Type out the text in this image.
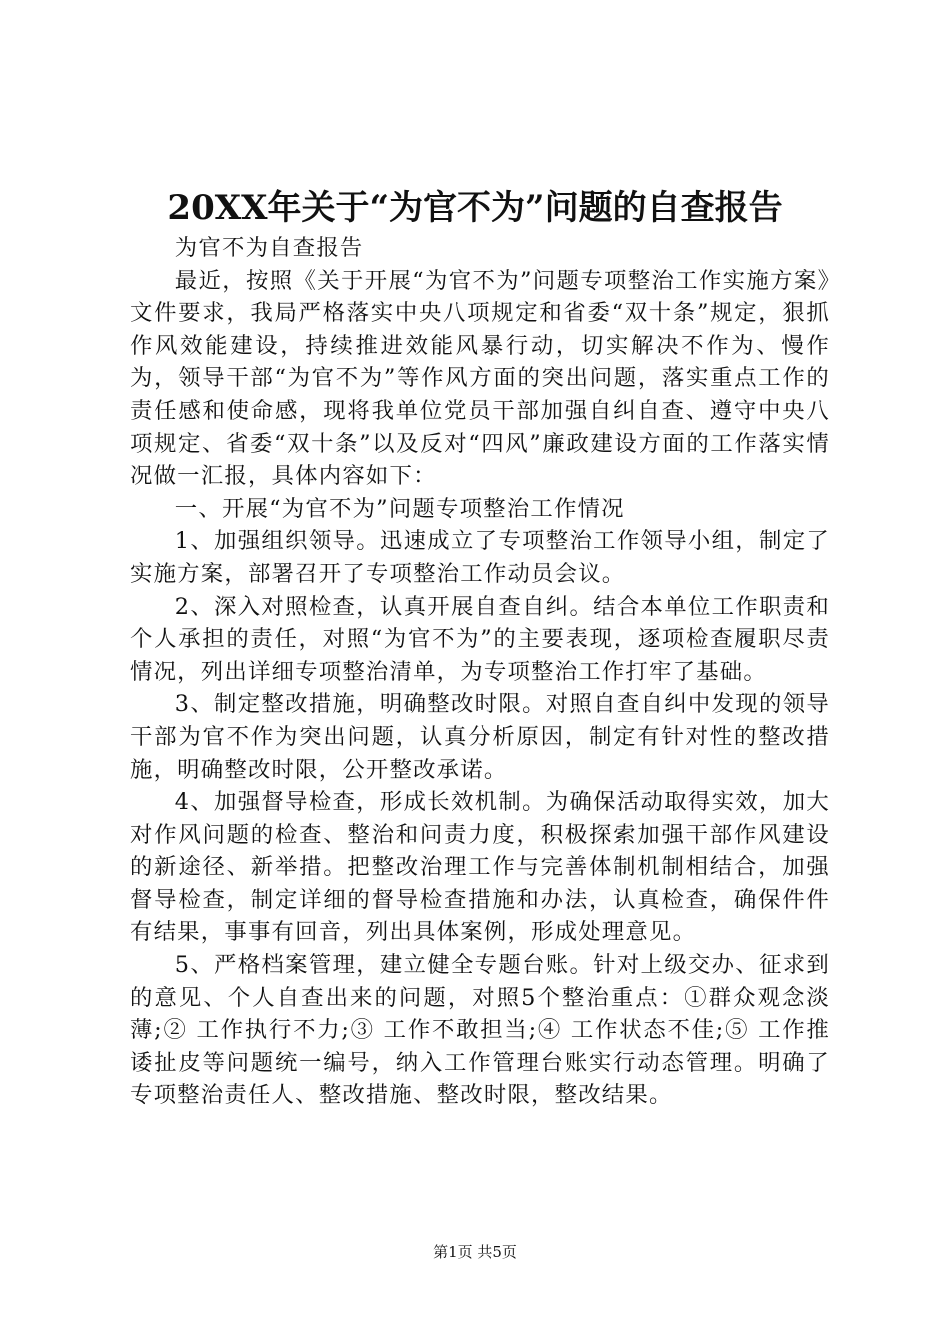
20XX年关于“为官不为”问题的自查报告

为官不为自查报告

最近，按照《关于开展“为官不为”问题专项整治工作实施方案》文件要求，我局严格落实中央八项规定和省委“双十条”规定，狠抓作风效能建设，持续推进效能风暴行动，切实解决不作为、慢作为，领导干部“为官不为”等作风方面的突出问题，落实重点工作的责任感和使命感，现将我单位党员干部加强自纠自查、遵守中央八项规定、省委“双十条”以及反对“四风”廉政建设方面的工作落实情况做一汇报，具体内容如下：

一、开展“为官不为”问题专项整治工作情况

1、加强组织领导。迅速成立了专项整治工作领导小组，制定了实施方案，部署召开了专项整治工作动员会议。

2、深入对照检查，认真开展自查自纠。结合本单位工作职责和个人承担的责任，对照“为官不为”的主要表现，逐项检查履职尽责情况，列出详细专项整治清单，为专项整治工作打牢了基础。

3、制定整改措施，明确整改时限。对照自查自纠中发现的领导干部为官不作为突出问题，认真分析原因，制定有针对性的整改措施，明确整改时限，公开整改承诺。

4、加强督导检查，形成长效机制。为确保活动取得实效，加大对作风问题的检查、整治和问责力度，积极探索加强干部作风建设的新途径、新举措。把整改治理工作与完善体制机制相结合，加强督导检查，制定详细的督导检查措施和办法，认真检查，确保件件有结果，事事有回音，列出具体案例，形成处理意见。

5、严格档案管理，建立健全专题台账。针对上级交办、征求到的意见、个人自查出来的问题，对照5个整治重点：①群众观念淡薄;② 工作执行不力;③ 工作不敢担当;④ 工作状态不佳;⑤ 工作推诿扯皮等问题统一编号，纳入工作管理台账实行动态管理。明确了专项整治责任人、整改措施、整改时限，整改结果。

第1页 共5页
